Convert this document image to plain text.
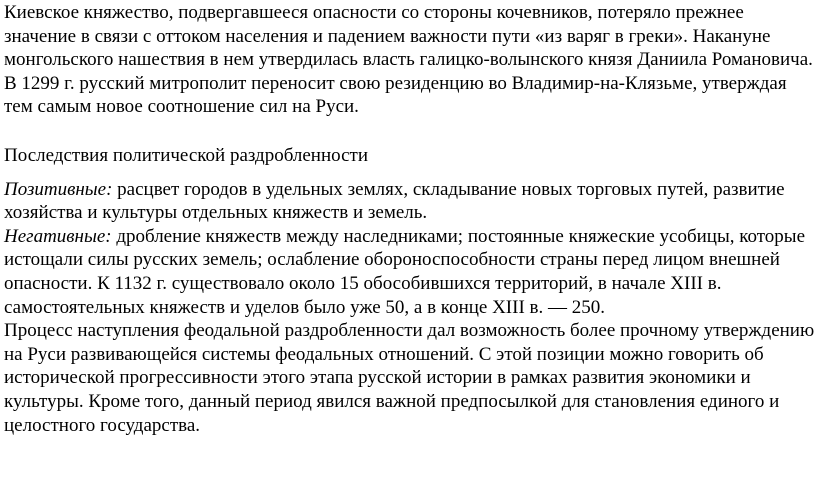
Киевское княжество, подвергавшееся опасности со стороны кочевников, потеряло прежнее значение в связи с оттоком населения и падением важности пути «из варяг в греки». Накануне монгольского нашествия в нем утвердилась власть галицко-волынского князя Даниила Романовича. В 1299 г. русский митрополит переносит свою резиденцию во Владимир-на-Клязьме, утверждая тем самым новое соотношение сил на Руси.

Последствия политической раздробленности

Позитивные: расцвет городов в удельных землях, складывание новых торговых путей, развитие хозяйства и культуры отдельных княжеств и земель.

Негативные: дробление княжеств между наследниками; постоянные княжеские усобицы, которые истощали силы русских земель; ослабление обороноспособности страны перед лицом внешней опасности. К 1132 г. существовало около 15 обособившихся территорий, в начале XIII в. самостоятельных княжеств и уделов было уже 50, а в конце XIII в. — 250.

Процесс наступления феодальной раздробленности дал возможность более прочному утверждению на Руси развивающейся системы феодальных отношений. С этой позиции можно говорить об исторической прогрессивности этого этапа русской истории в рамках развития экономики и культуры. Кроме того, данный период явился важной предпосылкой для становления единого и целостного государства.
